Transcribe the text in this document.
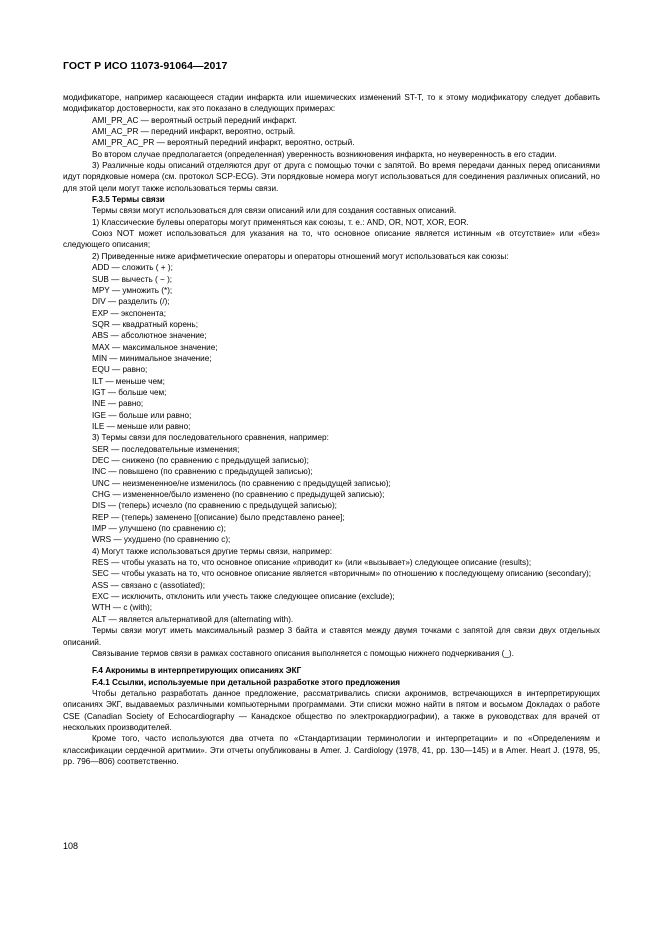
ГОСТ Р ИСО 11073-91064—2017

модификаторе, например касающееся стадии инфаркта или ишемических изменений ST-T, то к этому модификатору следует добавить модификатор достоверности, как это показано в следующих примерах:

AMI_PR_AC — вероятный острый передний инфаркт.

AMI_AC_PR — передний инфаркт, вероятно, острый.

AMI_PR_AC_PR — вероятный передний инфаркт, вероятно, острый.

Во втором случае предполагается (определенная) уверенность возникновения инфаркта, но неуверенность в его стадии.

3) Различные коды описаний отделяются друг от друга с помощью точки с запятой. Во время передачи данных перед описаниями идут порядковые номера (см. протокол SCP-ECG). Эти порядковые номера могут использоваться для соединения различных описаний, но для этой цели могут также использоваться термы связи.

F.3.5 Термы связи

Термы связи могут использоваться для связи описаний или для создания составных описаний.

1) Классические булевы операторы могут применяться как союзы, т. е.: AND, OR, NOT, XOR, EOR.

Союз NOT может использоваться для указания на то, что основное описание является истинным «в отсутствие» или «без» следующего описания;

2) Приведенные ниже арифметические операторы и операторы отношений могут использоваться как союзы:

ADD — сложить ( + );

SUB — вычесть ( − );

MPY — умножить (*);

DIV — разделить (/);

EXP — экспонента;

SQR — квадратный корень;

ABS — абсолютное значение;

MAX — максимальное значение;

MIN — минимальное значение;

EQU — равно;

ILT — меньше чем;

IGT — больше чем;

INE — равно;

IGE — больше или равно;

ILE — меньше или равно;

3) Термы связи для последовательного сравнения, например:

SER — последовательные изменения;

DEC — снижено (по сравнению с предыдущей записью);

INC — повышено (по сравнению с предыдущей записью);

UNC — неизмененное/не изменилось (по сравнению с предыдущей записью);

CHG — измененное/было изменено (по сравнению с предыдущей записью);

DIS — (теперь) исчезло (по сравнению с предыдущей записью);

REP — (теперь) заменено [(описание) было представлено ранее];

IMP — улучшено (по сравнению с);

WRS — ухудшено (по сравнению с);

4) Могут также использоваться другие термы связи, например:

RES — чтобы указать на то, что основное описание «приводит к» (или «вызывает») следующее описание (results);

SEC — чтобы указать на то, что основное описание является «вторичным» по отношению к последующему описанию (secondary);

ASS — связано с (assotiated);

EXC — исключить, отклонить или учесть также следующее описание (exclude);

WTH — с (with);

ALT — является альтернативой для (alternating with).

Термы связи могут иметь максимальный размер 3 байта и ставятся между двумя точками с запятой для связи двух отдельных описаний.

Связывание термов связи в рамках составного описания выполняется с помощью нижнего подчеркивания (_).

F.4 Акронимы в интерпретирующих описаниях ЭКГ

F.4.1 Ссылки, используемые при детальной разработке этого предложения

Чтобы детально разработать данное предложение, рассматривались списки акронимов, встречающихся в интерпретирующих описаниях ЭКГ, выдаваемых различными компьютерными программами. Эти списки можно найти в пятом и восьмом Докладах о работе CSE (Canadian Society of Echocardiography — Канадское общество по электрокардиографии), а также в руководствах для врачей от нескольких производителей.

Кроме того, часто используются два отчета по «Стандартизации терминологии и интерпретации» и по «Определениям и классификации сердечной аритмии». Эти отчеты опубликованы в Amer. J. Cardiology (1978, 41, pp. 130—145) и в Amer. Heart J. (1978, 95, pp. 796—806) соответственно.

108
